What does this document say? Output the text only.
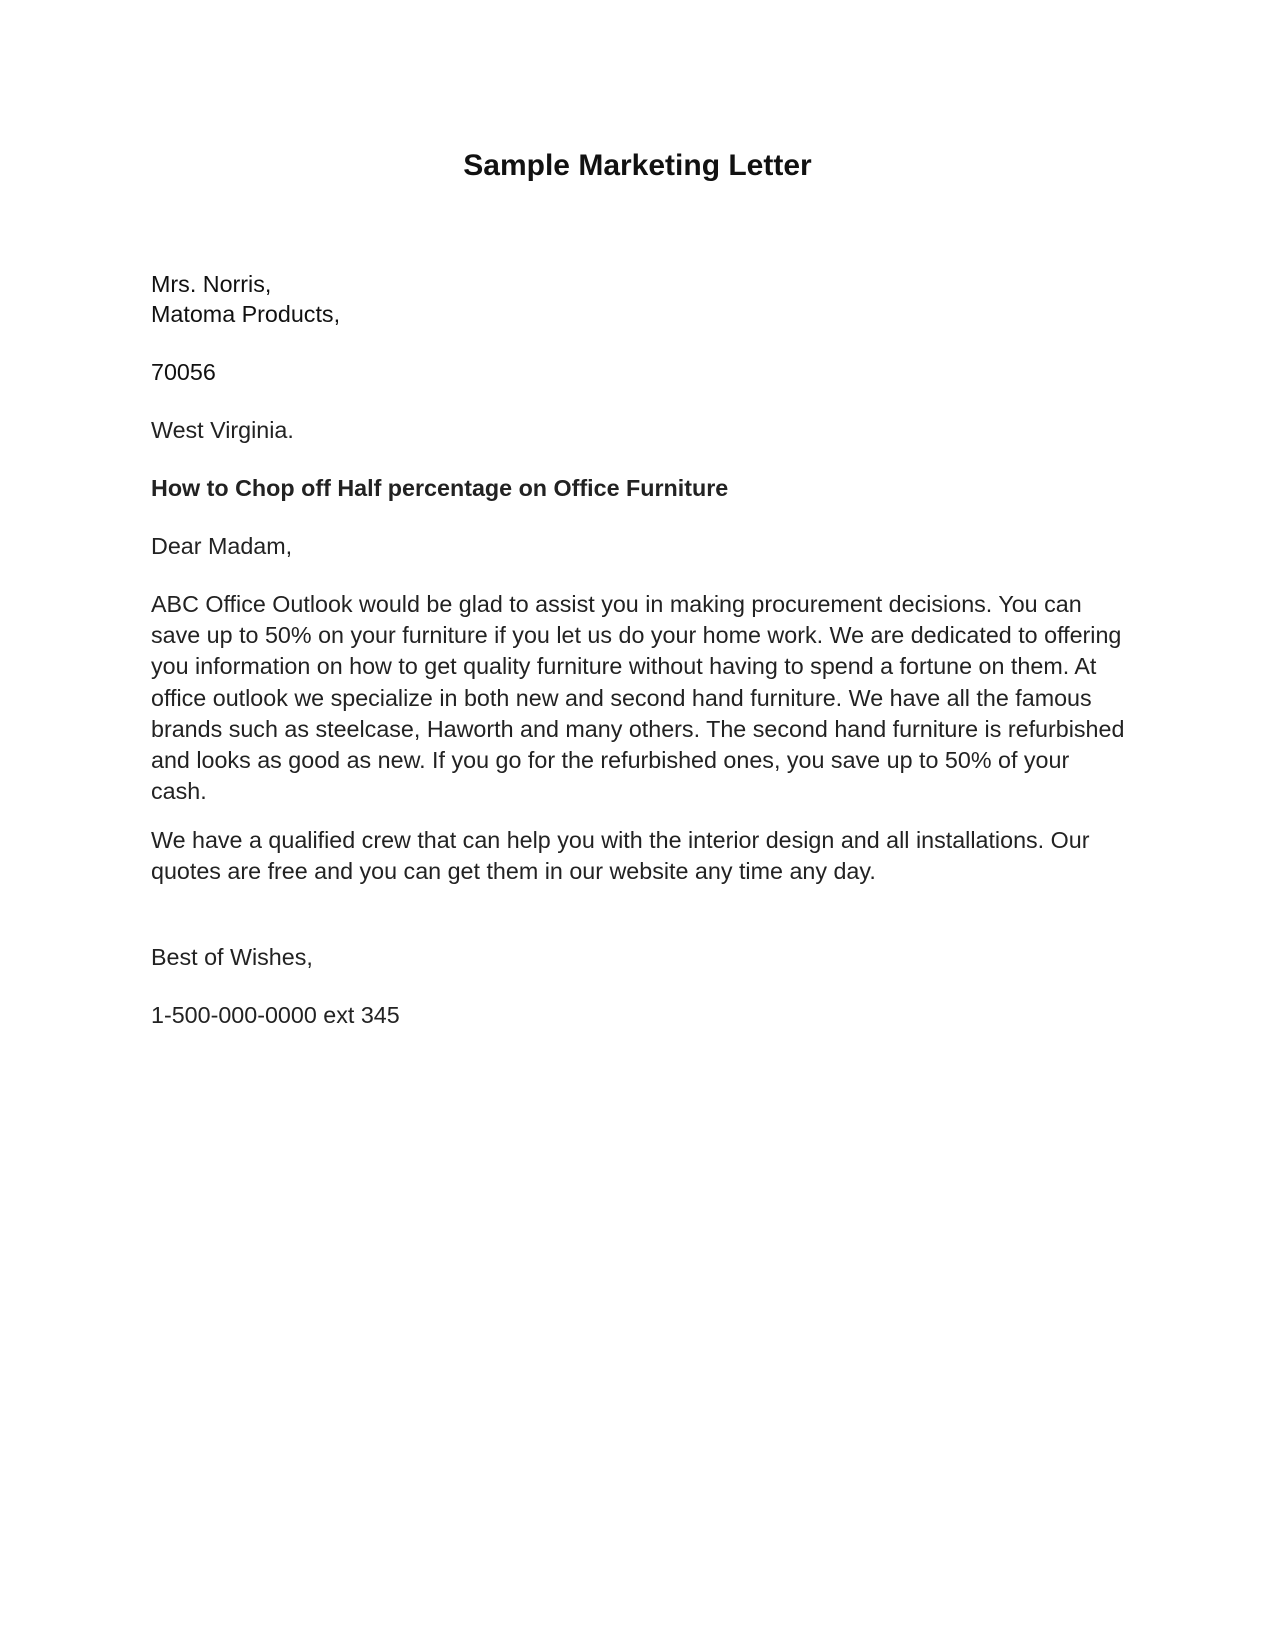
Sample Marketing Letter
Mrs. Norris,
Matoma Products,
70056
West Virginia.
How to Chop off Half percentage on Office Furniture
Dear Madam,

ABC Office Outlook would be glad to assist you in making procurement decisions. You can save up to 50% on your furniture if you let us do your home work. We are dedicated to offering you information on how to get quality furniture without having to spend a fortune on them. At office outlook we specialize in both new and second hand furniture. We have all the famous brands such as steelcase, Haworth and many others. The second hand furniture is refurbished and looks as good as new. If you go for the refurbished ones, you save up to 50% of your cash.

We have a qualified crew that can help you with the interior design and all installations. Our quotes are free and you can get them in our website any time any day.

Best of Wishes,
1-500-000-0000 ext 345
